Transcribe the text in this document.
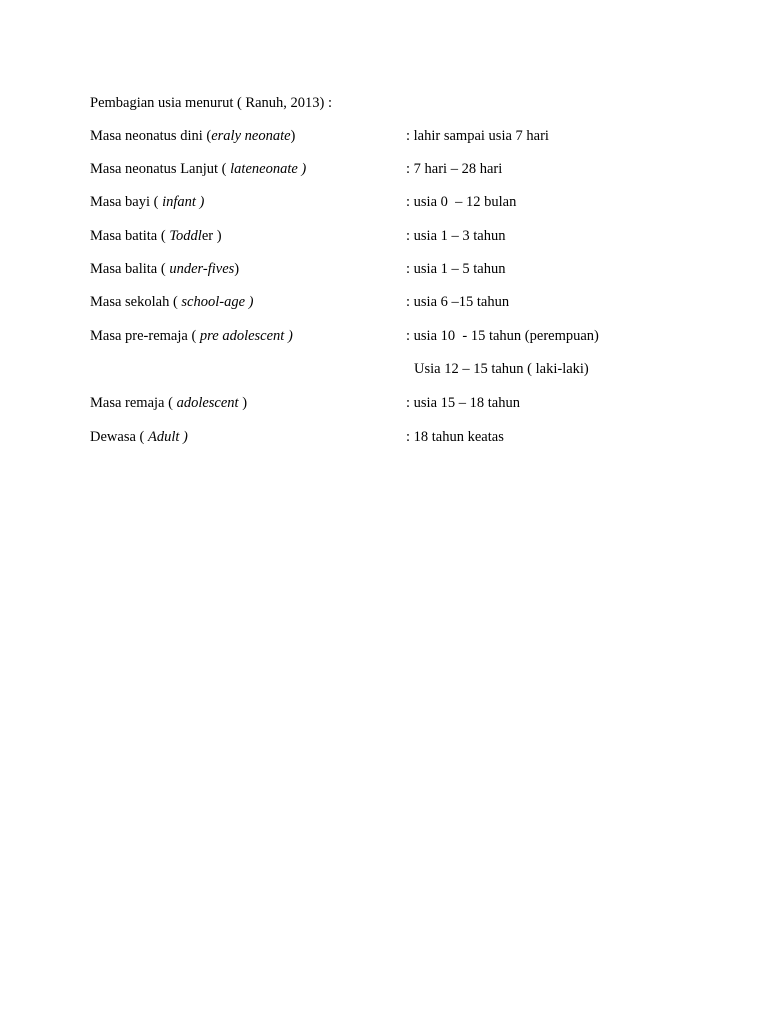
Pembagian usia menurut ( Ranuh, 2013) :
Masa neonatus dini (eraly neonate)	: lahir sampai usia 7 hari
Masa neonatus Lanjut ( lateneonate )	: 7 hari – 28 hari
Masa bayi ( infant )	: usia 0  – 12 bulan
Masa batita ( Toddler )	: usia 1 – 3 tahun
Masa balita ( under-fives)	: usia 1 – 5 tahun
Masa sekolah ( school-age )	: usia 6 –15 tahun
Masa pre-remaja ( pre adolescent )	: usia 10  - 15 tahun (perempuan)
Usia 12 – 15 tahun ( laki-laki)
Masa remaja ( adolescent )	: usia 15 – 18 tahun
Dewasa ( Adult )	: 18 tahun keatas
